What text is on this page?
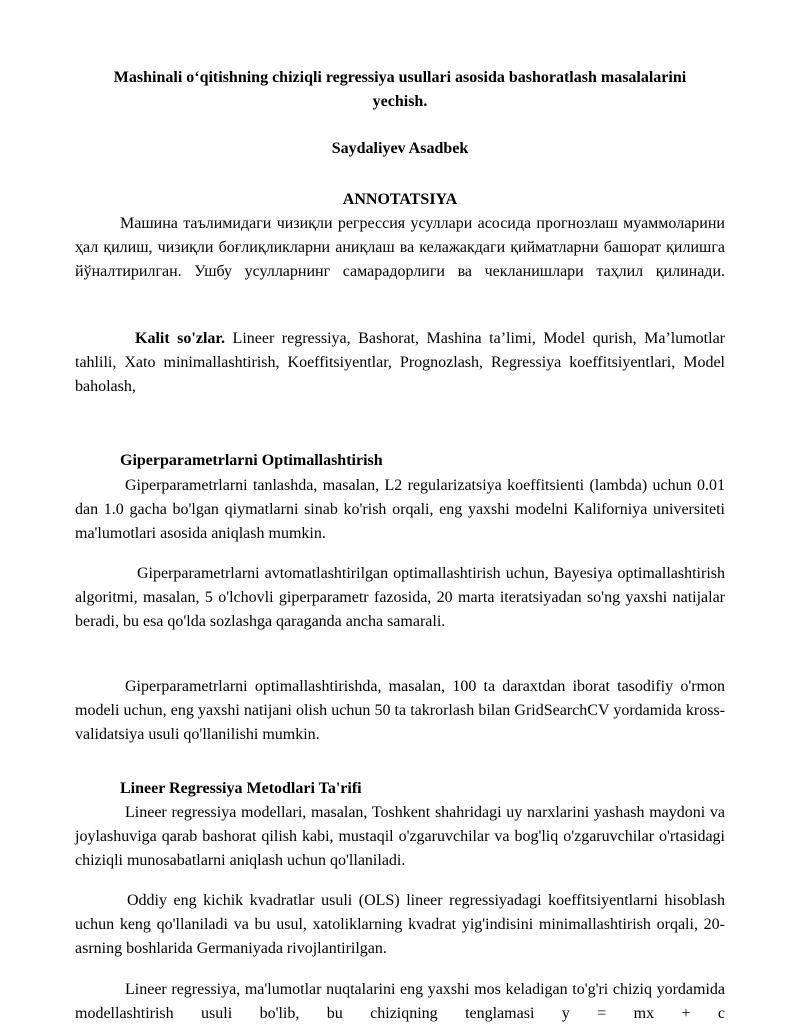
Mashinali o‘qitishning chiziqli regressiya usullari asosida bashoratlash masalalarini yechish.
Saydaliyev Asadbek
ANNOTATSIYA

Машина таълимидаги чизиқли регрессия усуллари асосида прогнозлаш муаммоларини ҳал қилиш, чизиқли боғлиқликларни аниқлаш ва келажакдаги қийматларни башорат қилишга йўналтирилган. Ушбу усулларнинг самарадорлиги ва чекланишлари таҳлил қилинади.

Kalit so'zlar. Lineer regressiya, Bashorat, Mashina ta’limi, Model qurish, Ma’lumotlar tahlili, Xato minimallashtirish, Koeffitsiyentlar, Prognozlash, Regressiya koeffitsiyentlari, Model baholash,

Giperparametrlarni Optimallashtirish

Giperparametrlarni tanlashda, masalan, L2 regularizatsiya koeffitsienti (lambda) uchun 0.01 dan 1.0 gacha bo'lgan qiymatlarni sinab ko'rish orqali, eng yaxshi modelni Kaliforniya universiteti ma'lumotlari asosida aniqlash mumkin.

Giperparametrlarni avtomatlashtirilgan optimallashtirish uchun, Bayesiya optimallashtirish algoritmi, masalan, 5 o'lchovli giperparametr fazosida, 20 marta iteratsiyadan so'ng yaxshi natijalar beradi, bu esa qo'lda sozlashga qaraganda ancha samarali.

Giperparametrlarni optimallashtirishda, masalan, 100 ta daraxtdan iborat tasodifiy o'rmon modeli uchun, eng yaxshi natijani olish uchun 50 ta takrorlash bilan GridSearchCV yordamida kross-validatsiya usuli qo'llanilishi mumkin.

Lineer Regressiya Metodlari Ta'rifi

Lineer regressiya modellari, masalan, Toshkent shahridagi uy narxlarini yashash maydoni va joylashuviga qarab bashorat qilish kabi, mustaqil o'zgaruvchilar va bog'liq o'zgaruvchilar o'rtasidagi chiziqli munosabatlarni aniqlash uchun qo'llaniladi.

Oddiy eng kichik kvadratlar usuli (OLS) lineer regressiyadagi koeffitsiyentlarni hisoblash uchun keng qo'llaniladi va bu usul, xatoliklarning kvadrat yig'indisini minimallashtirish orqali, 20-asrning boshlarida Germaniyada rivojlantirilgan.

Lineer regressiya, ma'lumotlar nuqtalarini eng yaxshi mos keladigan to'g'ri chiziq yordamida modellashtirish usuli bo'lib, bu chiziqning tenglamasi y = mx + c
